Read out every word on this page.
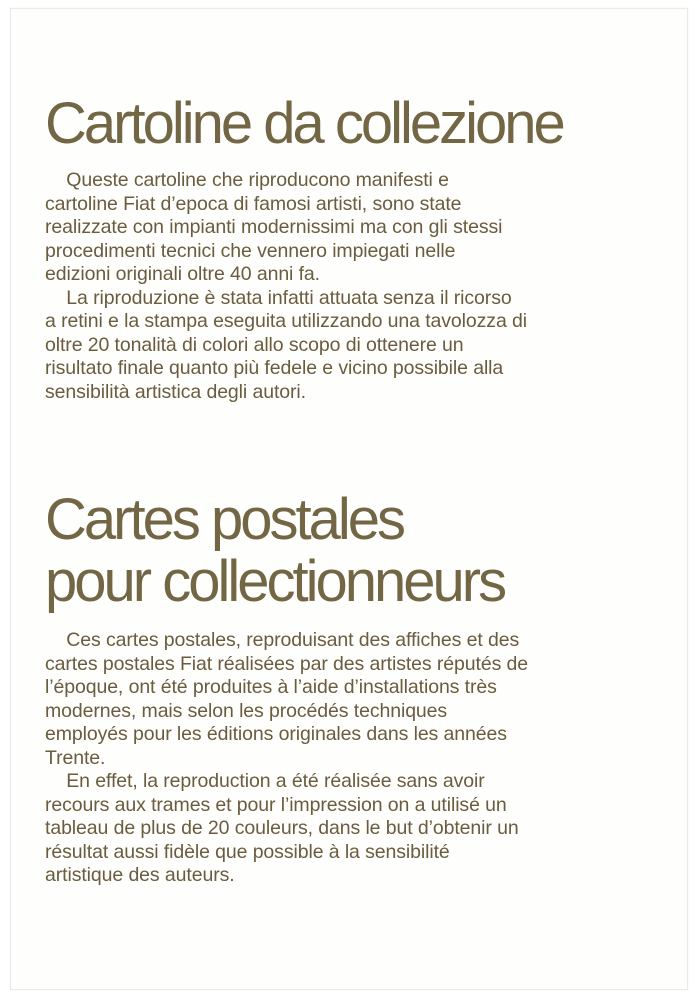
Cartoline da collezione

Queste cartoline che riproducono manifesti e
cartoline Fiat d’epoca di famosi artisti, sono state
realizzate con impianti modernissimi ma con gli stessi
procedimenti tecnici che vennero impiegati nelle
edizioni originali oltre 40 anni fa.

La riproduzione è stata infatti attuata senza il ricorso
a retini e la stampa eseguita utilizzando una tavolozza di
oltre 20 tonalità di colori allo scopo di ottenere un
risultato finale quanto più fedele e vicino possibile alla
sensibilità artistica degli autori.

Cartes postales
pour collectionneurs

Ces cartes postales, reproduisant des affiches et des
cartes postales Fiat réalisées par des artistes réputés de
l’époque, ont été produites à l’aide d’installations très
modernes, mais selon les procédés techniques
employés pour les éditions originales dans les années
Trente.

En effet, la reproduction a été réalisée sans avoir
recours aux trames et pour l’impression on a utilisé un
tableau de plus de 20 couleurs, dans le but d’obtenir un
résultat aussi fidèle que possible à la sensibilité
artistique des auteurs.
